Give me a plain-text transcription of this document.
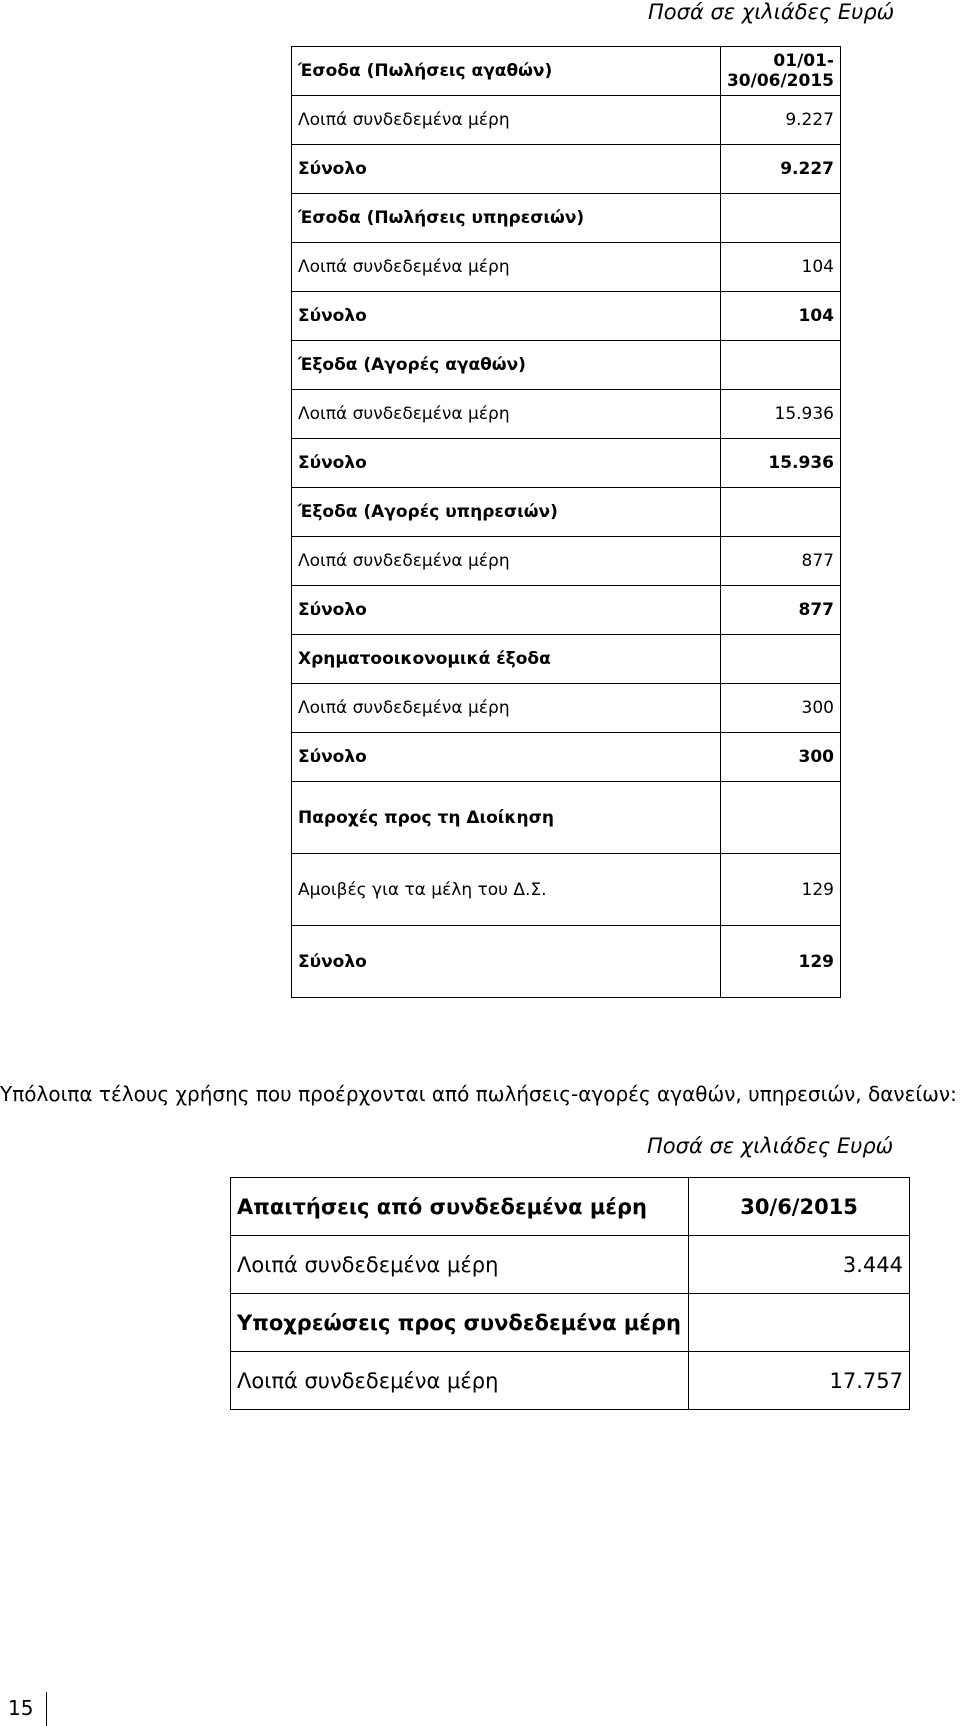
Ποσά σε χιλιάδες Ευρώ
Έσοδα (Πωλήσεις αγαθών)	01/01-30/06/2015
Λοιπά συνδεδεμένα μέρη	9.227
Σύνολο	9.227
Έσοδα (Πωλήσεις υπηρεσιών)	
Λοιπά συνδεδεμένα μέρη	104
Σύνολο	104
Έξοδα (Αγορές αγαθών)	
Λοιπά συνδεδεμένα μέρη	15.936
Σύνολο	15.936
Έξοδα (Αγορές υπηρεσιών)	
Λοιπά συνδεδεμένα μέρη	877
Σύνολο	877
Χρηματοοικονομικά έξοδα	
Λοιπά συνδεδεμένα μέρη	300
Σύνολο	300
Παροχές προς τη Διοίκηση	
Αμοιβές για τα μέλη του Δ.Σ.	129
Σύνολο	129
Υπόλοιπα τέλους χρήσης που προέρχονται από πωλήσεις-αγορές αγαθών, υπηρεσιών, δανείων:
Ποσά σε χιλιάδες Ευρώ
Απαιτήσεις από συνδεδεμένα μέρη	30/6/2015
Λοιπά συνδεδεμένα μέρη	3.444
Υποχρεώσεις προς συνδεδεμένα μέρη	
Λοιπά συνδεδεμένα μέρη	17.757
15
